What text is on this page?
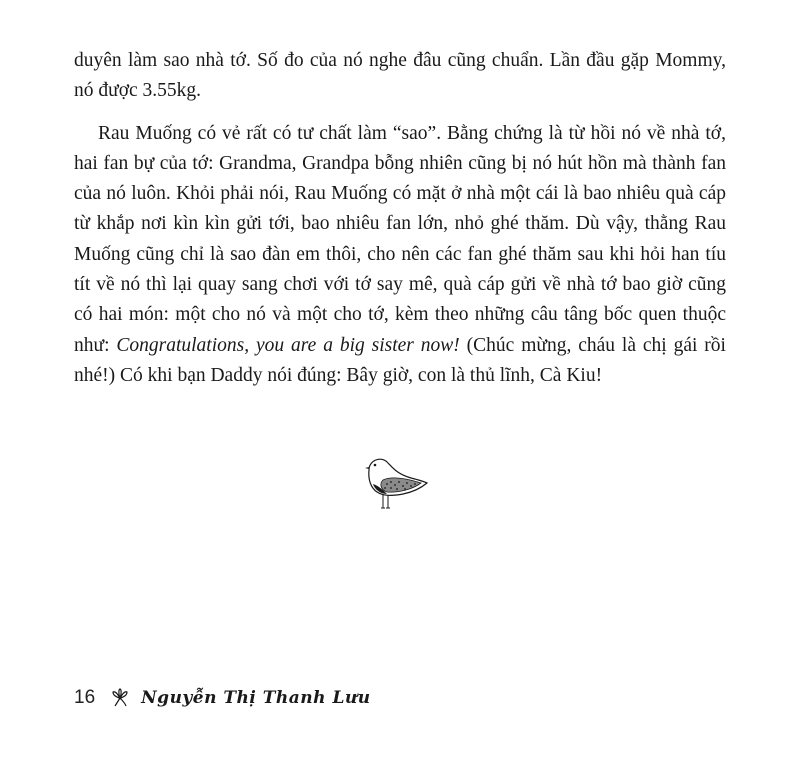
duyên làm sao nhà tớ. Số đo của nó nghe đâu cũng chuẩn. Lần đầu gặp Mommy, nó được 3.55kg.

Rau Muống có vẻ rất có tư chất làm “sao”. Bằng chứng là từ hồi nó về nhà tớ, hai fan bự của tớ: Grandma, Grandpa bỗng nhiên cũng bị nó hút hồn mà thành fan của nó luôn. Khỏi phải nói, Rau Muống có mặt ở nhà một cái là bao nhiêu quà cáp từ khắp nơi kìn kìn gửi tới, bao nhiêu fan lớn, nhỏ ghé thăm. Dù vậy, thằng Rau Muống cũng chỉ là sao đàn em thôi, cho nên các fan ghé thăm sau khi hỏi han tíu tít về nó thì lại quay sang chơi với tớ say mê, quà cáp gửi về nhà tớ bao giờ cũng có hai món: một cho nó và một cho tớ, kèm theo những câu tâng bốc quen thuộc như: Congratulations, you are a big sister now! (Chúc mừng, cháu là chị gái rồi nhé!) Có khi bạn Daddy nói đúng: Bây giờ, con là thủ lĩnh, Cà Kiu!

16	Nguyễn Thị Thanh Lưu
